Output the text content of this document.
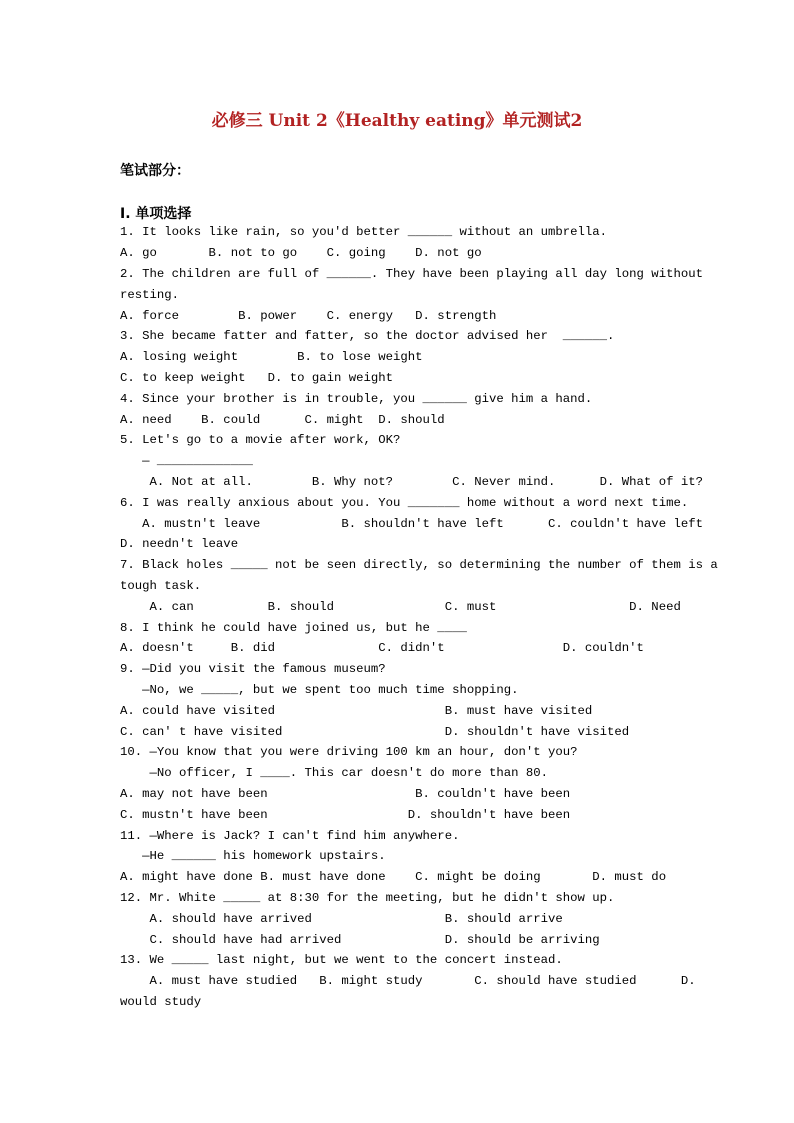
必修三 Unit 2《Healthy eating》单元测试2
笔试部分：
I. 单项选择
1. It looks like rain, so you'd better ______ without an umbrella.
A. go       B. not to go    C. going    D. not go
2. The children are full of ______. They have been playing all day long without
resting.
A. force        B. power    C. energy   D. strength
3. She became fatter and fatter, so the doctor advised her  ______.
A. losing weight        B. to lose weight
C. to keep weight   D. to gain weight
4. Since your brother is in trouble, you ______ give him a hand.
A. need    B. could      C. might  D. should
5. Let's go to a movie after work, OK?
— _____________
A. Not at all.        B. Why not?        C. Never mind.      D. What of it?
6. I was really anxious about you. You _______ home without a word next time.
A. mustn't leave           B. shouldn't have left      C. couldn't have left
D. needn't leave
7. Black holes _____ not be seen directly, so determining the number of them is a
tough task.
A. can          B. should               C. must                  D. Need
8. I think he could have joined us, but he ____
A. doesn't     B. did              C. didn't                D. couldn't
9. —Did you visit the famous museum?
—No, we _____, but we spent too much time shopping.
A. could have visited                       B. must have visited
C. can' t have visited                      D. shouldn't have visited
10. —You know that you were driving 100 km an hour, don't you?
—No officer, I ____. This car doesn't do more than 80.
A. may not have been                    B. couldn't have been
C. mustn't have been                   D. shouldn't have been
11. —Where is Jack? I can't find him anywhere.
—He ______ his homework upstairs.
A. might have done B. must have done    C. might be doing       D. must do
12. Mr. White _____ at 8:30 for the meeting, but he didn't show up.
A. should have arrived                  B. should arrive
C. should have had arrived              D. should be arriving
13. We _____ last night, but we went to the concert instead.
A. must have studied   B. might study       C. should have studied      D.
would study
